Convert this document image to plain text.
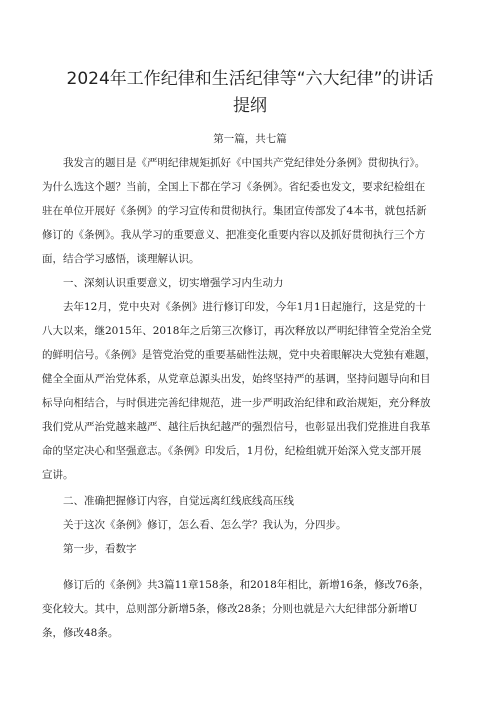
2024年工作纪律和生活纪律等“六大纪律”的讲话
提纲
第一篇，共七篇
我发言的题目是《严明纪律规矩抓好《中国共产党纪律处分条例》贯彻执行》。
为什么选这个题？当前，全国上下都在学习《条例》。省纪委也发文，要求纪检组在
驻在单位开展好《条例》的学习宣传和贯彻执行。集团宣传部发了4本书，就包括新
修订的《条例》。我从学习的重要意义、把准变化重要内容以及抓好贯彻执行三个方
面，结合学习感悟，谈理解认识。
一、深刻认识重要意义，切实增强学习内生动力
去年12月，党中央对《条例》进行修订印发，今年1月1日起施行，这是党的十
八大以来，继2015年、2018年之后第三次修订，再次释放以严明纪律管全党治全党
的鲜明信号。《条例》是管党治党的重要基础性法规，党中央着眼解决大党独有难题，
健全全面从严治党体系，从党章总源头出发，始终坚持严的基调，坚持问题导向和目
标导向相结合，与时俱进完善纪律规范，进一步严明政治纪律和政治规矩，充分释放
我们党从严治党越来越严、越往后执纪越严的强烈信号，也彰显出我们党推进自我革
命的坚定决心和坚强意志。《条例》印发后，1月份，纪检组就开始深入党支部开展
宣讲。
二、准确把握修订内容，自觉远离红线底线高压线
关于这次《条例》修订，怎么看、怎么学？我认为，分四步。
第一步，看数字
修订后的《条例》共3篇11章158条，和2018年相比，新增16条，修改76条，
变化较大。其中，总则部分新增5条，修改28条；分则也就是六大纪律部分新增U
条，修改48条。
